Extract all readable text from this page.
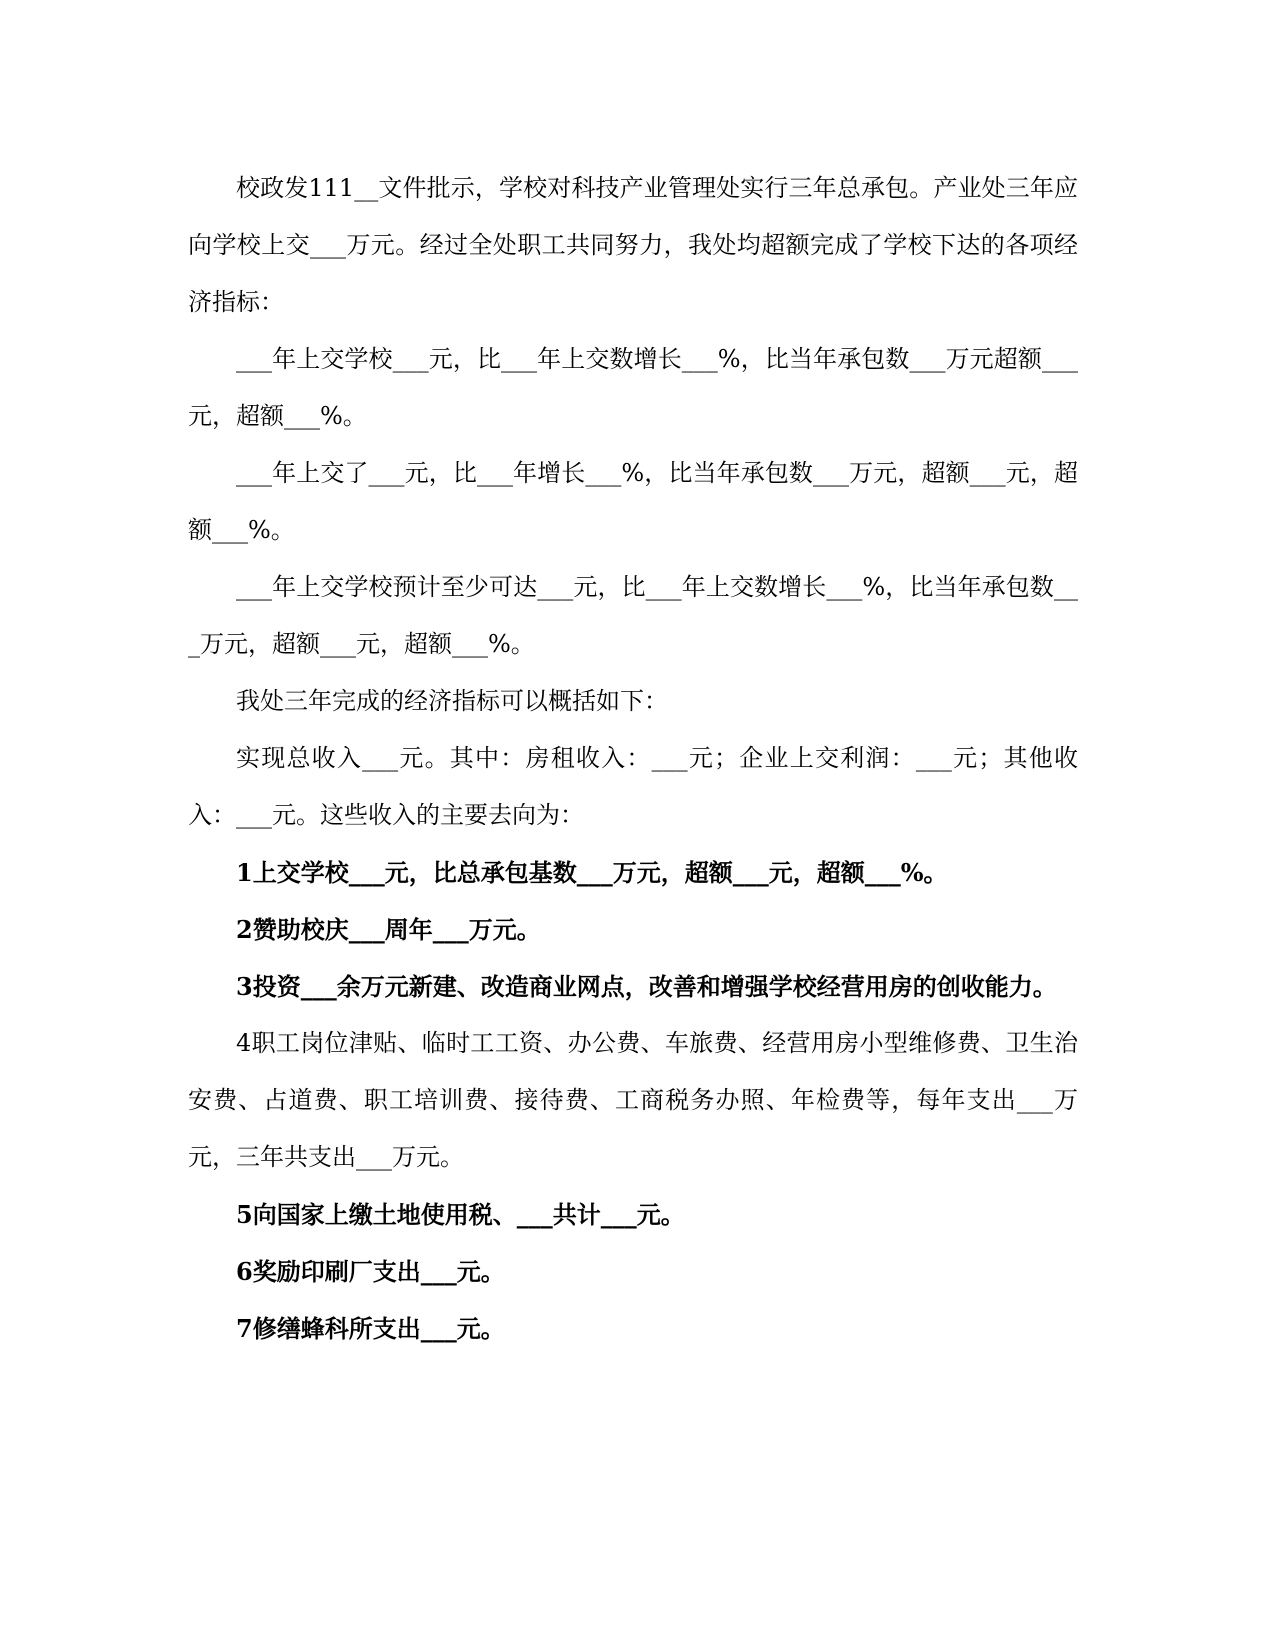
校政发111__文件批示，学校对科技产业管理处实行三年总承包。产业处三年应向学校上交___万元。经过全处职工共同努力，我处均超额完成了学校下达的各项经济指标：

___年上交学校___元，比___年上交数增长___%，比当年承包数___万元超额___元，超额___%。

___年上交了___元，比___年增长___%，比当年承包数___万元，超额___元，超额___%。

___年上交学校预计至少可达___元，比___年上交数增长___%，比当年承包数___万元，超额___元，超额___%。

我处三年完成的经济指标可以概括如下：

实现总收入___元。其中：房租收入：___元；企业上交利润：___元；其他收入：___元。这些收入的主要去向为：

1上交学校___元，比总承包基数___万元，超额___元，超额___%。

2赞助校庆___周年___万元。

3投资___余万元新建、改造商业网点，改善和增强学校经营用房的创收能力。

4职工岗位津贴、临时工工资、办公费、车旅费、经营用房小型维修费、卫生治安费、占道费、职工培训费、接待费、工商税务办照、年检费等，每年支出___万元，三年共支出___万元。

5向国家上缴土地使用税、___共计___元。

6奖励印刷厂支出___元。

7修缮蜂科所支出___元。
